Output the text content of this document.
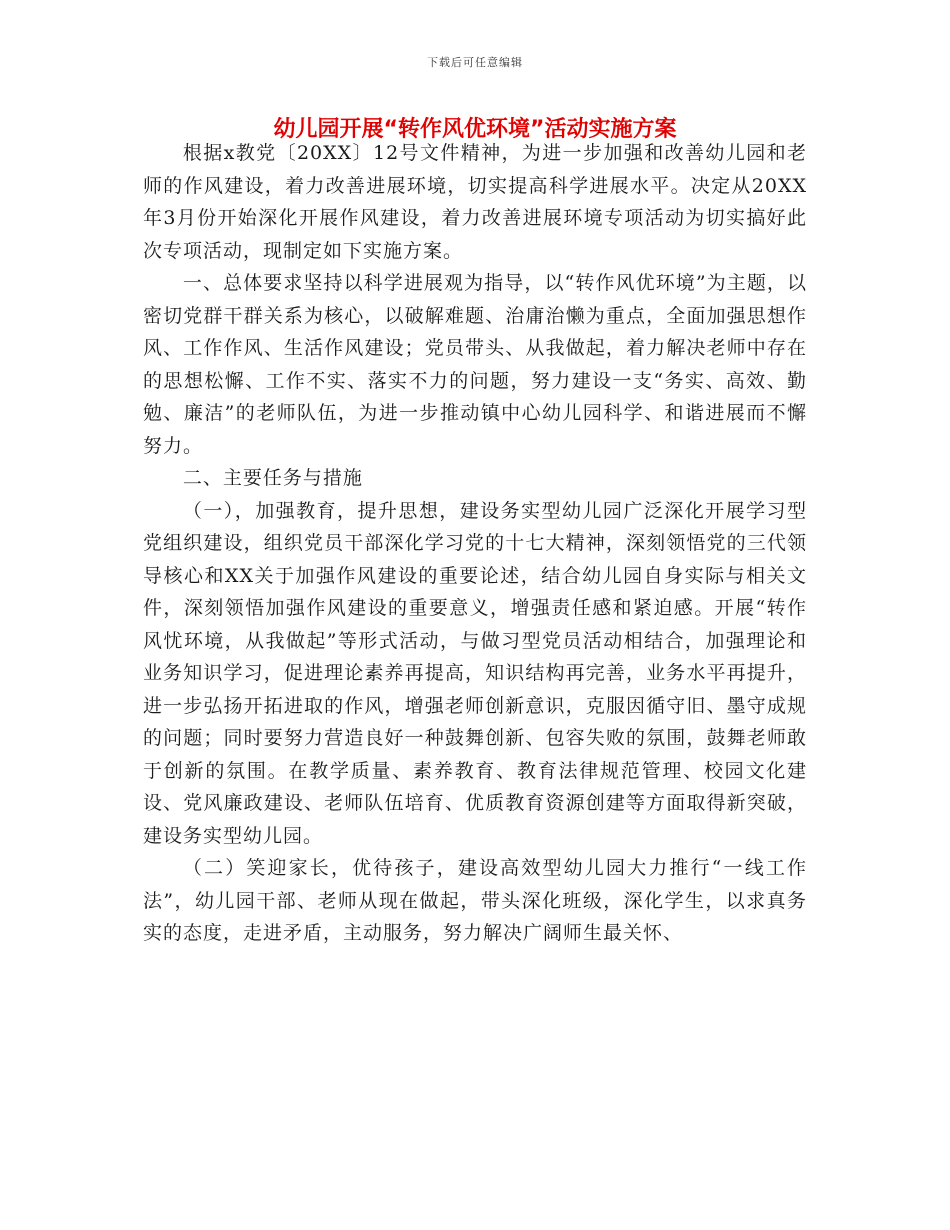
下载后可任意编辑
幼儿园开展“转作风优环境”活动实施方案

根据x教党〔20XX〕12号文件精神，为进一步加强和改善幼儿园和老师的作风建设，着力改善进展环境，切实提高科学进展水平。决定从20XX年3月份开始深化开展作风建设，着力改善进展环境专项活动为切实搞好此次专项活动，现制定如下实施方案。

一、总体要求坚持以科学进展观为指导，以“转作风优环境”为主题，以密切党群干群关系为核心，以破解难题、治庸治懒为重点，全面加强思想作风、工作作风、生活作风建设；党员带头、从我做起，着力解决老师中存在的思想松懈、工作不实、落实不力的问题，努力建设一支“务实、高效、勤勉、廉洁”的老师队伍，为进一步推动镇中心幼儿园科学、和谐进展而不懈努力。

二、主要任务与措施

（一），加强教育，提升思想，建设务实型幼儿园广泛深化开展学习型党组织建设，组织党员干部深化学习党的十七大精神，深刻领悟党的三代领导核心和XX关于加强作风建设的重要论述，结合幼儿园自身实际与相关文件，深刻领悟加强作风建设的重要意义，增强责任感和紧迫感。开展“转作风忧环境，从我做起”等形式活动，与做习型党员活动相结合，加强理论和业务知识学习，促进理论素养再提高，知识结构再完善，业务水平再提升，进一步弘扬开拓进取的作风，增强老师创新意识，克服因循守旧、墨守成规的问题；同时要努力营造良好一种鼓舞创新、包容失败的氛围，鼓舞老师敢于创新的氛围。在教学质量、素养教育、教育法律规范管理、校园文化建设、党风廉政建设、老师队伍培育、优质教育资源创建等方面取得新突破，建设务实型幼儿园。

（二）笑迎家长，优待孩子，建设高效型幼儿园大力推行“一线工作法”，幼儿园干部、老师从现在做起，带头深化班级，深化学生，以求真务实的态度，走进矛盾，主动服务，努力解决广阔师生最关怀、
